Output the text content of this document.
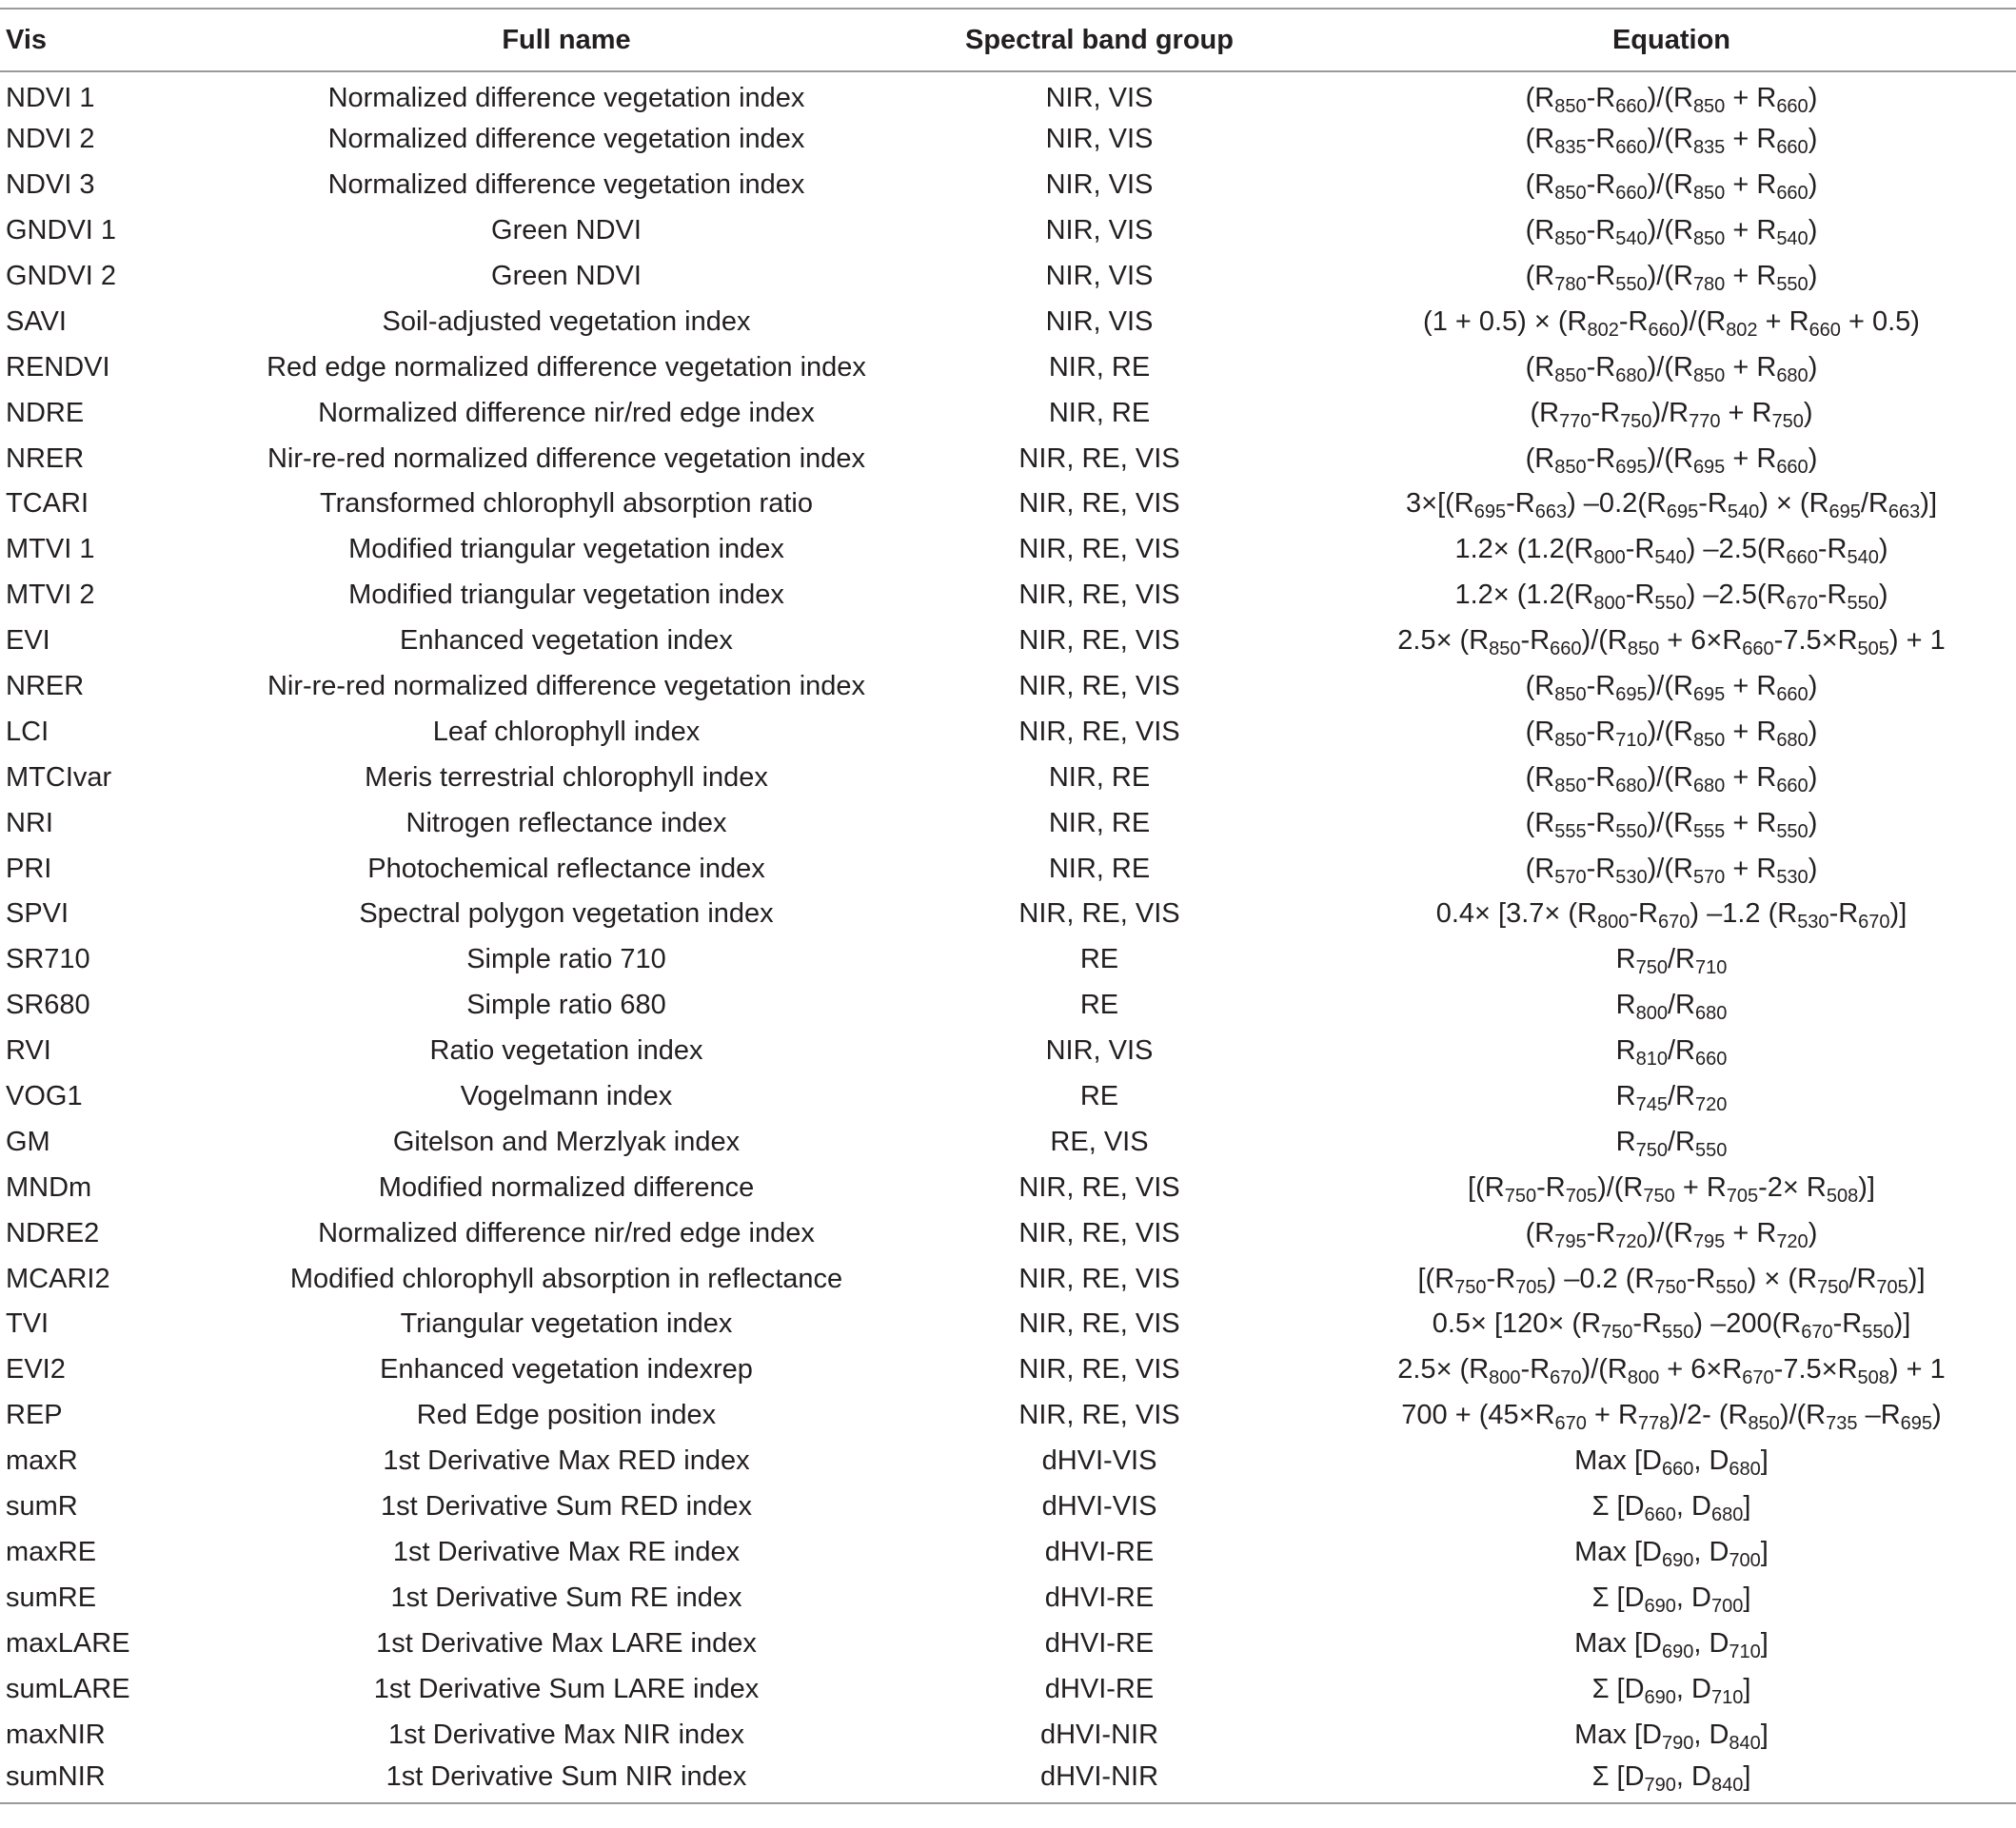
Vis	Full name	Spectral band group	Equation
NDVI 1	Normalized difference vegetation index	NIR, VIS	$(R_{850}-R_{660})/(R_{850} + R_{660})$
NDVI 2	Normalized difference vegetation index	NIR, VIS	$(R_{835}-R_{660})/(R_{835} + R_{660})$
NDVI 3	Normalized difference vegetation index	NIR, VIS	$(R_{850}-R_{660})/(R_{850} + R_{660})$
GNDVI 1	Green NDVI	NIR, VIS	$(R_{850}-R_{540})/(R_{850} + R_{540})$
GNDVI 2	Green NDVI	NIR, VIS	$(R_{780}-R_{550})/(R_{780} + R_{550})$
SAVI	Soil-adjusted vegetation index	NIR, VIS	$(1 + 0.5) \times (R_{802}-R_{660})/(R_{802} + R_{660} + 0.5)$
RENDVI	Red edge normalized difference vegetation index	NIR, RE	$(R_{850}-R_{680})/(R_{850} + R_{680})$
NDRE	Normalized difference nir/red edge index	NIR, RE	$(R_{770}-R_{750})/R_{770} + R_{750}$)
NRER	Nir-re-red normalized difference vegetation index	NIR, RE, VIS	$(R_{850}-R_{695})/(R_{695} + R_{660})$
TCARI	Transformed chlorophyll absorption ratio	NIR, RE, VIS	$3\times[(R_{695}-R_{663}) -0.2(R_{695}-R_{540}) \times (R_{695}/R_{663})]$
MTVI 1	Modified triangular vegetation index	NIR, RE, VIS	$1.2\times (1.2(R_{800}-R_{540})$ $-2.5(R_{660}-R_{540})$
MTVI 2	Modified triangular vegetation index	NIR, RE, VIS	$1.2\times (1.2(R_{800}-R_{550})$ $-2.5(R_{670}-R_{550})$
EVI	Enhanced vegetation index	NIR, RE, VIS	$2.5\times (R_{850}-R_{660})/(R_{850} + 6\times R_{660}-7.5\times R_{505}) + 1$
NRER	Nir-re-red normalized difference vegetation index	NIR, RE, VIS	$(R_{850}-R_{695})/(R_{695} + R_{660})$
LCI	Leaf chlorophyll index	NIR, RE, VIS	$(R_{850}-R_{710})/(R_{850} + R_{680})$
MTCIvar	Meris terrestrial chlorophyll index	NIR, RE	$(R_{850}-R_{680})/(R_{680} + R_{660})$
NRI	Nitrogen reflectance index	NIR, RE	$(R_{555}-R_{550})/(R_{555} + R_{550})$
PRI	Photochemical reflectance index	NIR, RE	$(R_{570}-R_{530})/(R_{570} + R_{530})$
SPVI	Spectral polygon vegetation index	NIR, RE, VIS	$0.4\times [3.7\times (R_{800}-R_{670})$ –1.2 $(R_{530}-R_{670})$]
SR710	Simple ratio 710	RE	$R_{750}/R_{710}$
SR680	Simple ratio 680	RE	$R_{800}/R_{680}$
RVI	Ratio vegetation index	NIR, VIS	$R_{810}/R_{660}$
VOG1	Vogelmann index	RE	$R_{745}/R_{720}$
GM	Gitelson and Merzlyak index	RE, VIS	$R_{750}/R_{550}$
MNDm	Modified normalized difference	NIR, RE, VIS	$[(R_{750}-R_{705})/(R_{750} + R_{705}-2\times R_{508})]$
NDRE2	Normalized difference nir/red edge index	NIR, RE, VIS	$(R_{795}-R_{720})/(R_{795} + R_{720})$
MCARI2	Modified chlorophyll absorption in reflectance	NIR, RE, VIS	[$(R_{750}-R_{705})$ –0.2 $(R_{750}-R_{550}) \times (R_{750}/R_{705})$]
TVI	Triangular vegetation index	NIR, RE, VIS	$0.5\times [120\times (R_{750}-R_{550})$ $-200(R_{670}-R_{550})$]
EVI2	Enhanced vegetation indexrep	NIR, RE, VIS	$2.5\times (R_{800}-R_{670})/(R_{800} + 6\times R_{670}-7.5\times R_{508}) + 1$
REP	Red Edge position index	NIR, RE, VIS	$700 + (45\times R_{670} + R_{778})/2-$ $(R_{850})/(R_{735}$ $-R_{695}$)
maxR	1st Derivative Max RED index	dHVI-VIS	Max [$D_{660}$, $D_{680}$]
sumR	1st Derivative Sum RED index	dHVI-VIS	Σ [$D_{660}$, $D_{680}$]
maxRE	1st Derivative Max RE index	dHVI-RE	Max [$D_{690}$, $D_{700}$]
sumRE	1st Derivative Sum RE index	dHVI-RE	Σ [$D_{690}$, $D_{700}$]
maxLARE	1st Derivative Max LARE index	dHVI-RE	Max [$D_{690}$, $D_{710}$]
sumLARE	1st Derivative Sum LARE index	dHVI-RE	Σ [$D_{690}$, $D_{710}$]
maxNIR	1st Derivative Max NIR index	dHVI-NIR	Max [$D_{790}$, $D_{840}$]
sumNIR	1st Derivative Sum NIR index	dHVI-NIR	Σ [$D_{790}$, $D_{840}$]
